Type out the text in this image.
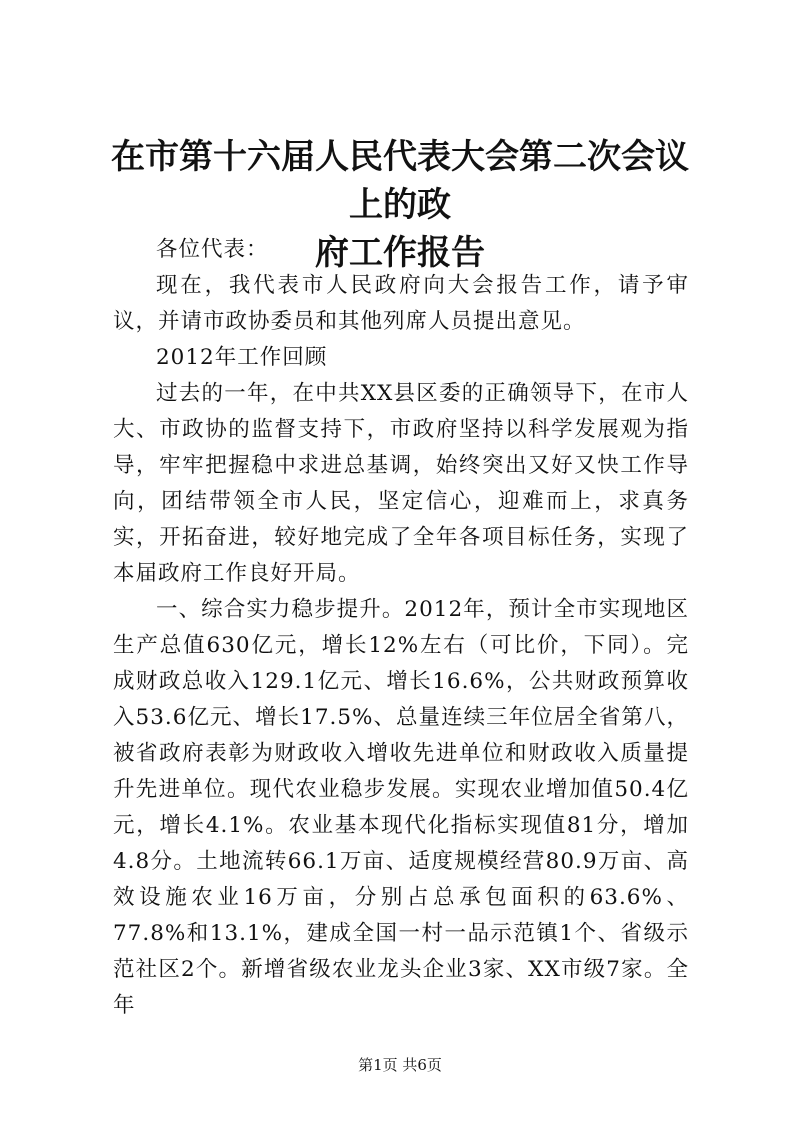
在市第十六届人民代表大会第二次会议上的政
府工作报告

各位代表：

现在，我代表市人民政府向大会报告工作，请予审议，并请市政协委员和其他列席人员提出意见。

2012年工作回顾

过去的一年，在中共XX县区委的正确领导下，在市人大、市政协的监督支持下，市政府坚持以科学发展观为指导，牢牢把握稳中求进总基调，始终突出又好又快工作导向，团结带领全市人民，坚定信心，迎难而上，求真务实，开拓奋进，较好地完成了全年各项目标任务，实现了本届政府工作良好开局。

一、综合实力稳步提升。2012年，预计全市实现地区生产总值630亿元，增长12%左右（可比价，下同）。完成财政总收入129.1亿元、增长16.6%，公共财政预算收入53.6亿元、增长17.5%、总量连续三年位居全省第八，被省政府表彰为财政收入增收先进单位和财政收入质量提升先进单位。现代农业稳步发展。实现农业增加值50.4亿元，增长4.1%。农业基本现代化指标实现值81分，增加4.8分。土地流转66.1万亩、适度规模经营80.9万亩、高效设施农业16万亩，分别占总承包面积的63.6%、77.8%和13.1%，建成全国一村一品示范镇1个、省级示范社区2个。新增省级农业龙头企业3家、XX市级7家。全年

第1页 共6页
